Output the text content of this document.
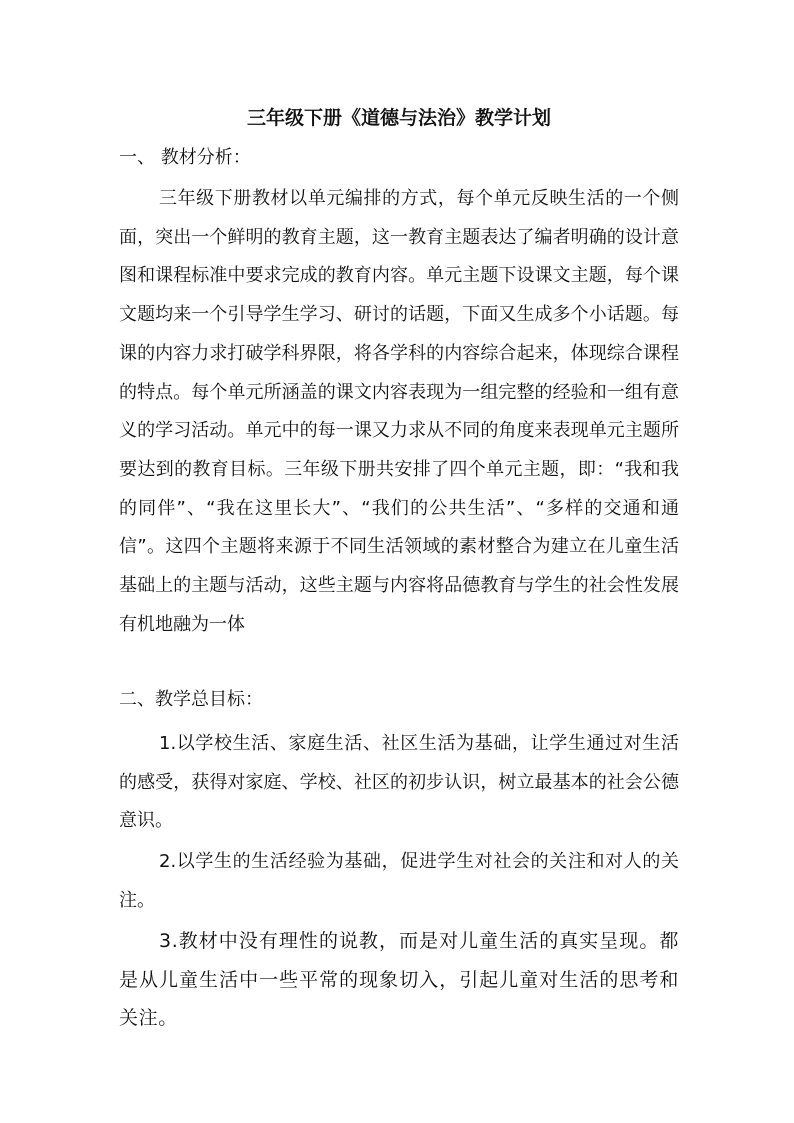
三年级下册《道德与法治》教学计划
一、 教材分析：

三年级下册教材以单元编排的方式，每个单元反映生活的一个侧面，突出一个鲜明的教育主题，这一教育主题表达了编者明确的设计意图和课程标准中要求完成的教育内容。单元主题下设课文主题，每个课文题均来一个引导学生学习、研讨的话题，下面又生成多个小话题。每课的内容力求打破学科界限，将各学科的内容综合起来，体现综合课程的特点。每个单元所涵盖的课文内容表现为一组完整的经验和一组有意义的学习活动。单元中的每一课又力求从不同的角度来表现单元主题所要达到的教育目标。三年级下册共安排了四个单元主题，即：“我和我的同伴”、“我在这里长大”、“我们的公共生活”、“多样的交通和通信”。这四个主题将来源于不同生活领域的素材整合为建立在儿童生活基础上的主题与活动，这些主题与内容将品德教育与学生的社会性发展有机地融为一体

二、教学总目标：

1.以学校生活、家庭生活、社区生活为基础，让学生通过对生活的感受，获得对家庭、学校、社区的初步认识，树立最基本的社会公德意识。

2.以学生的生活经验为基础，促进学生对社会的关注和对人的关注。

3.教材中没有理性的说教，而是对儿童生活的真实呈现。都是从儿童生活中一些平常的现象切入，引起儿童对生活的思考和关注。
